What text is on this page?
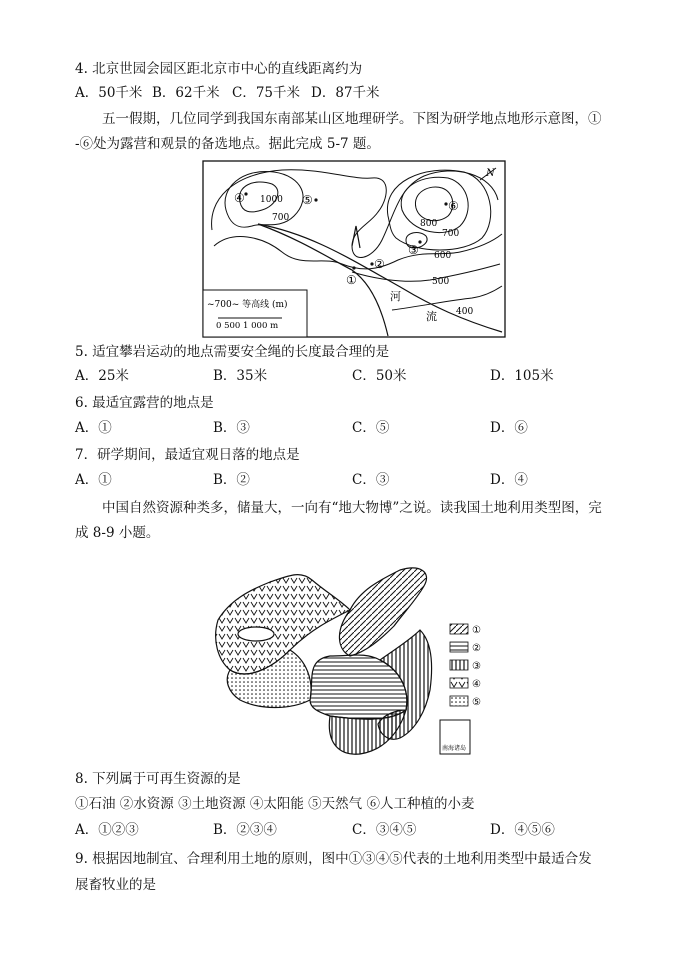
4. 北京世园会园区距北京市中心的直线距离约为
A．50千米 B．62千米 C．75千米 D．87千米
五一假期，几位同学到我国东南部某山区地理研学。下图为研学地点地形示意图，①
-⑥处为露营和观景的备选地点。据此完成 5-7 题。
N
1000
700
800
700
600
500
400
①
②
③
④	⑤	⑥
河
流
~700~ 等高线 (m)
0 500 1 000 m
5. 适宜攀岩运动的地点需要安全绳的长度最合理的是
A．25米	B．35米	C．50米	D．105米
6. 最适宜露营的地点是
A．①	B．③	C．⑤	D．⑥
7．研学期间，最适宜观日落的地点是
A．①	B．②	C．③	D．④
中国自然资源种类多，储量大，一向有“地大物博”之说。读我国土地利用类型图，完
成 8-9 小题。
①
②
③
④
⑤
南海诸岛
8. 下列属于可再生资源的是
①石油 ②水资源 ③土地资源 ④太阳能 ⑤天然气 ⑥人工种植的小麦
A．①②③	B．②③④	C．③④⑤	D．④⑤⑥
9. 根据因地制宜、合理利用土地的原则，图中①③④⑤代表的土地利用类型中最适合发
展畜牧业的是
